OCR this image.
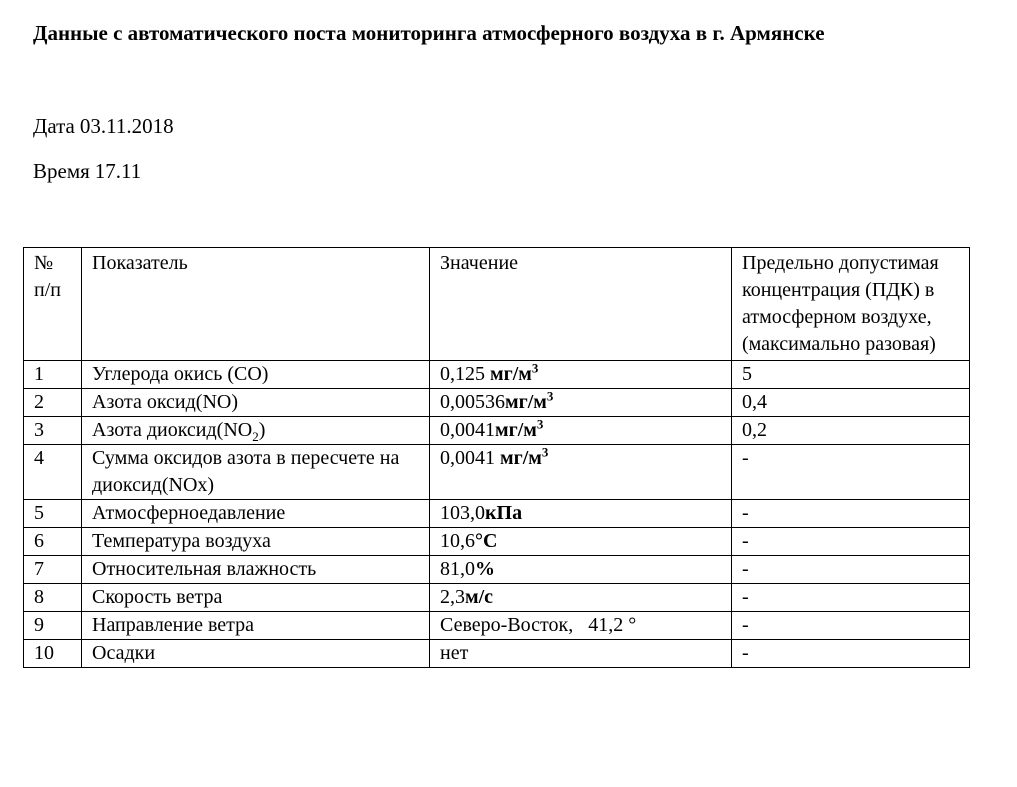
Данные с автоматического поста мониторинга атмосферного воздуха в г. Армянске
Дата 03.11.2018
Время 17.11
№ п/п	Показатель	Значение	Предельно допустимая концентрация (ПДК) в атмосферном воздухе, (максимально разовая)
1	Углерода окись (СО)	0,125 $мг/м^3$	5
2	Азота оксид(NO)	$0,00536мг/м^3$	0,4
3	Азота $диоксид(NO_2)$	$0,0041мг/м^3$	0,2
4	Сумма оксидов азота в пересчете на диоксид(NOx)	0,0041 $мг/м^3$	-
5	Атмосферноедавление	103,0кПа	-
6	Температура воздуха	10,6°С	-
7	Относительная влажность	81,0%	-
8	Скорость ветра	2,3м/с	-
9	Направление ветра	Северо-Восток,   41,2 °	-
10	Осадки	нет	-
